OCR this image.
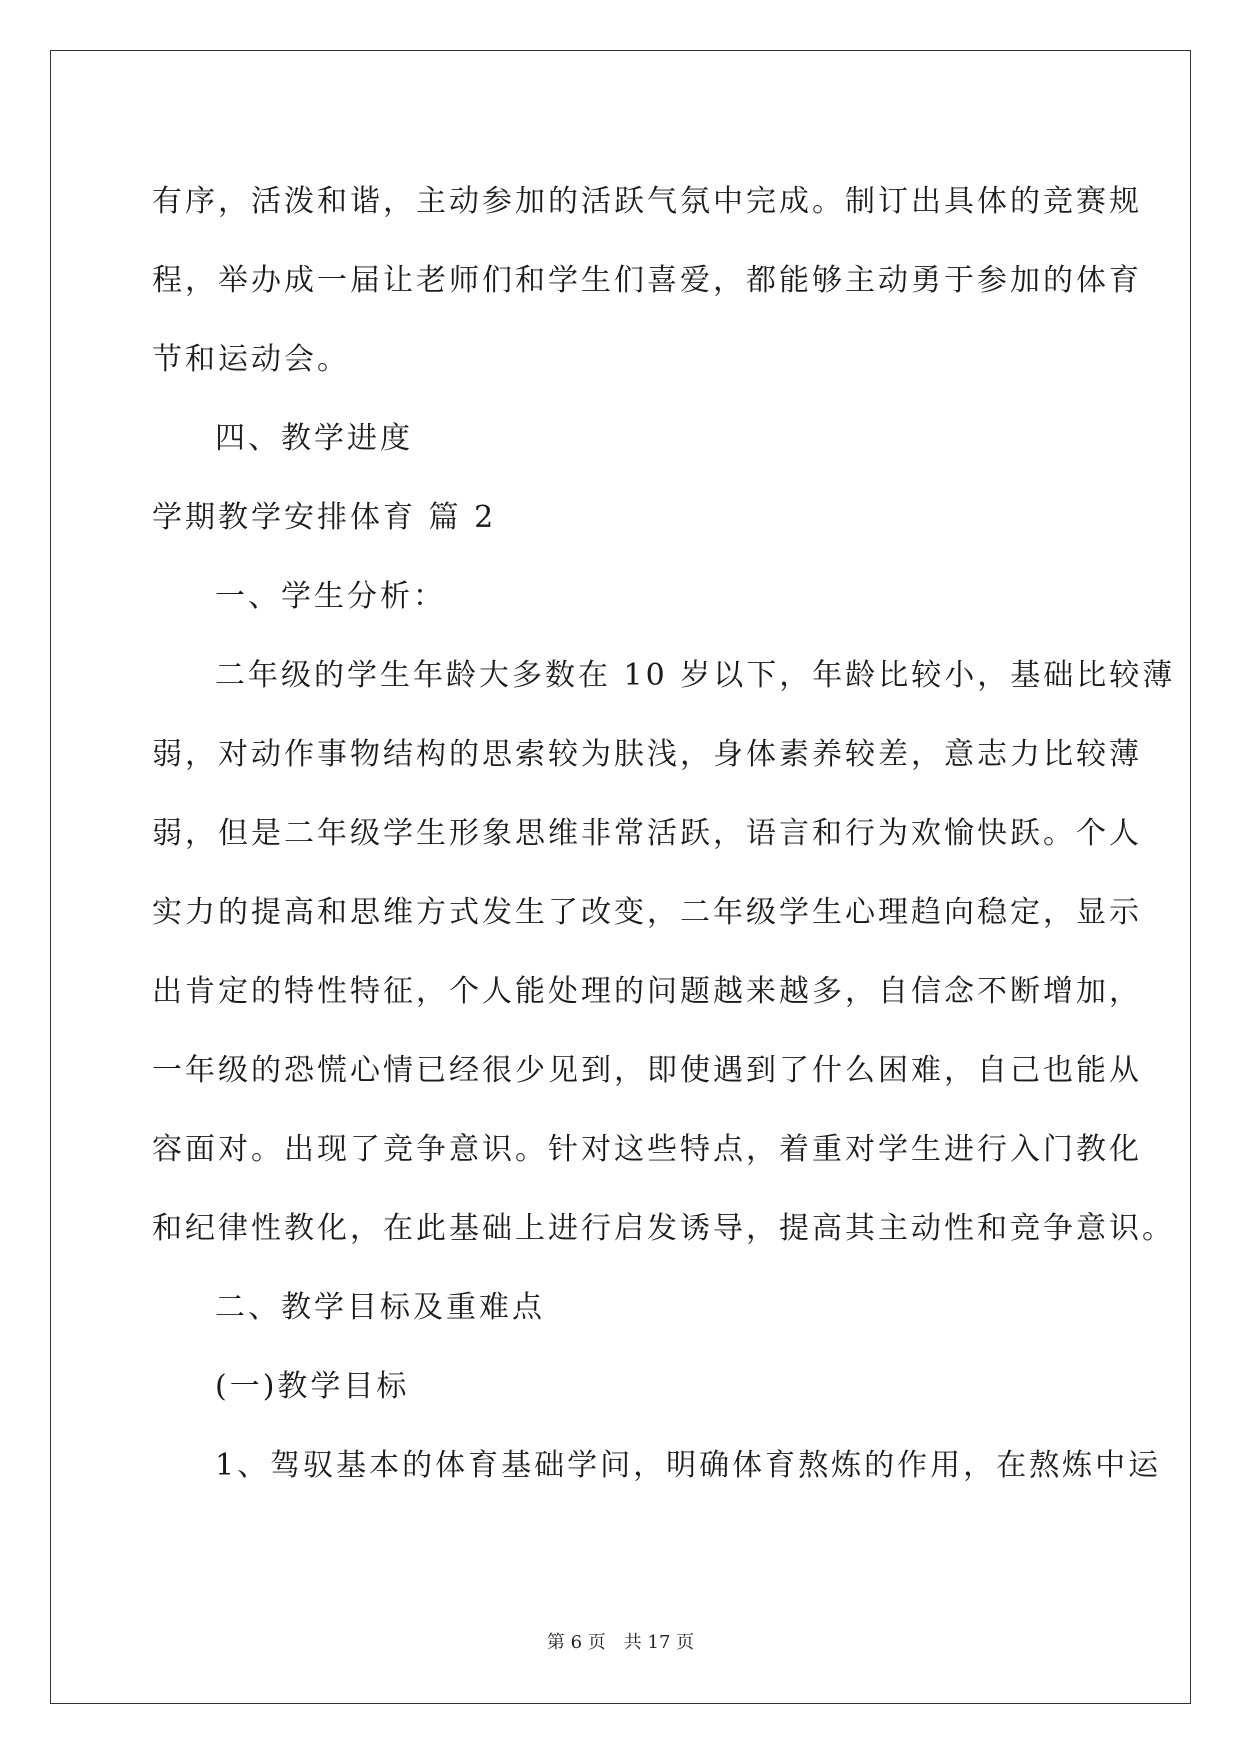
有序，活泼和谐，主动参加的活跃气氛中完成。制订出具体的竞赛规
程，举办成一届让老师们和学生们喜爱，都能够主动勇于参加的体育
节和运动会。
四、教学进度
学期教学安排体育 篇 2
一、学生分析：
二年级的学生年龄大多数在 10 岁以下，年龄比较小，基础比较薄
弱，对动作事物结构的思索较为肤浅，身体素养较差，意志力比较薄
弱，但是二年级学生形象思维非常活跃，语言和行为欢愉快跃。个人
实力的提高和思维方式发生了改变，二年级学生心理趋向稳定，显示
出肯定的特性特征，个人能处理的问题越来越多，自信念不断增加，
一年级的恐慌心情已经很少见到，即使遇到了什么困难，自己也能从
容面对。出现了竞争意识。针对这些特点，着重对学生进行入门教化
和纪律性教化，在此基础上进行启发诱导，提高其主动性和竞争意识。
二、教学目标及重难点
(一)教学目标
1、驾驭基本的体育基础学问，明确体育熬炼的作用，在熬炼中运
第 6 页 共 17 页
